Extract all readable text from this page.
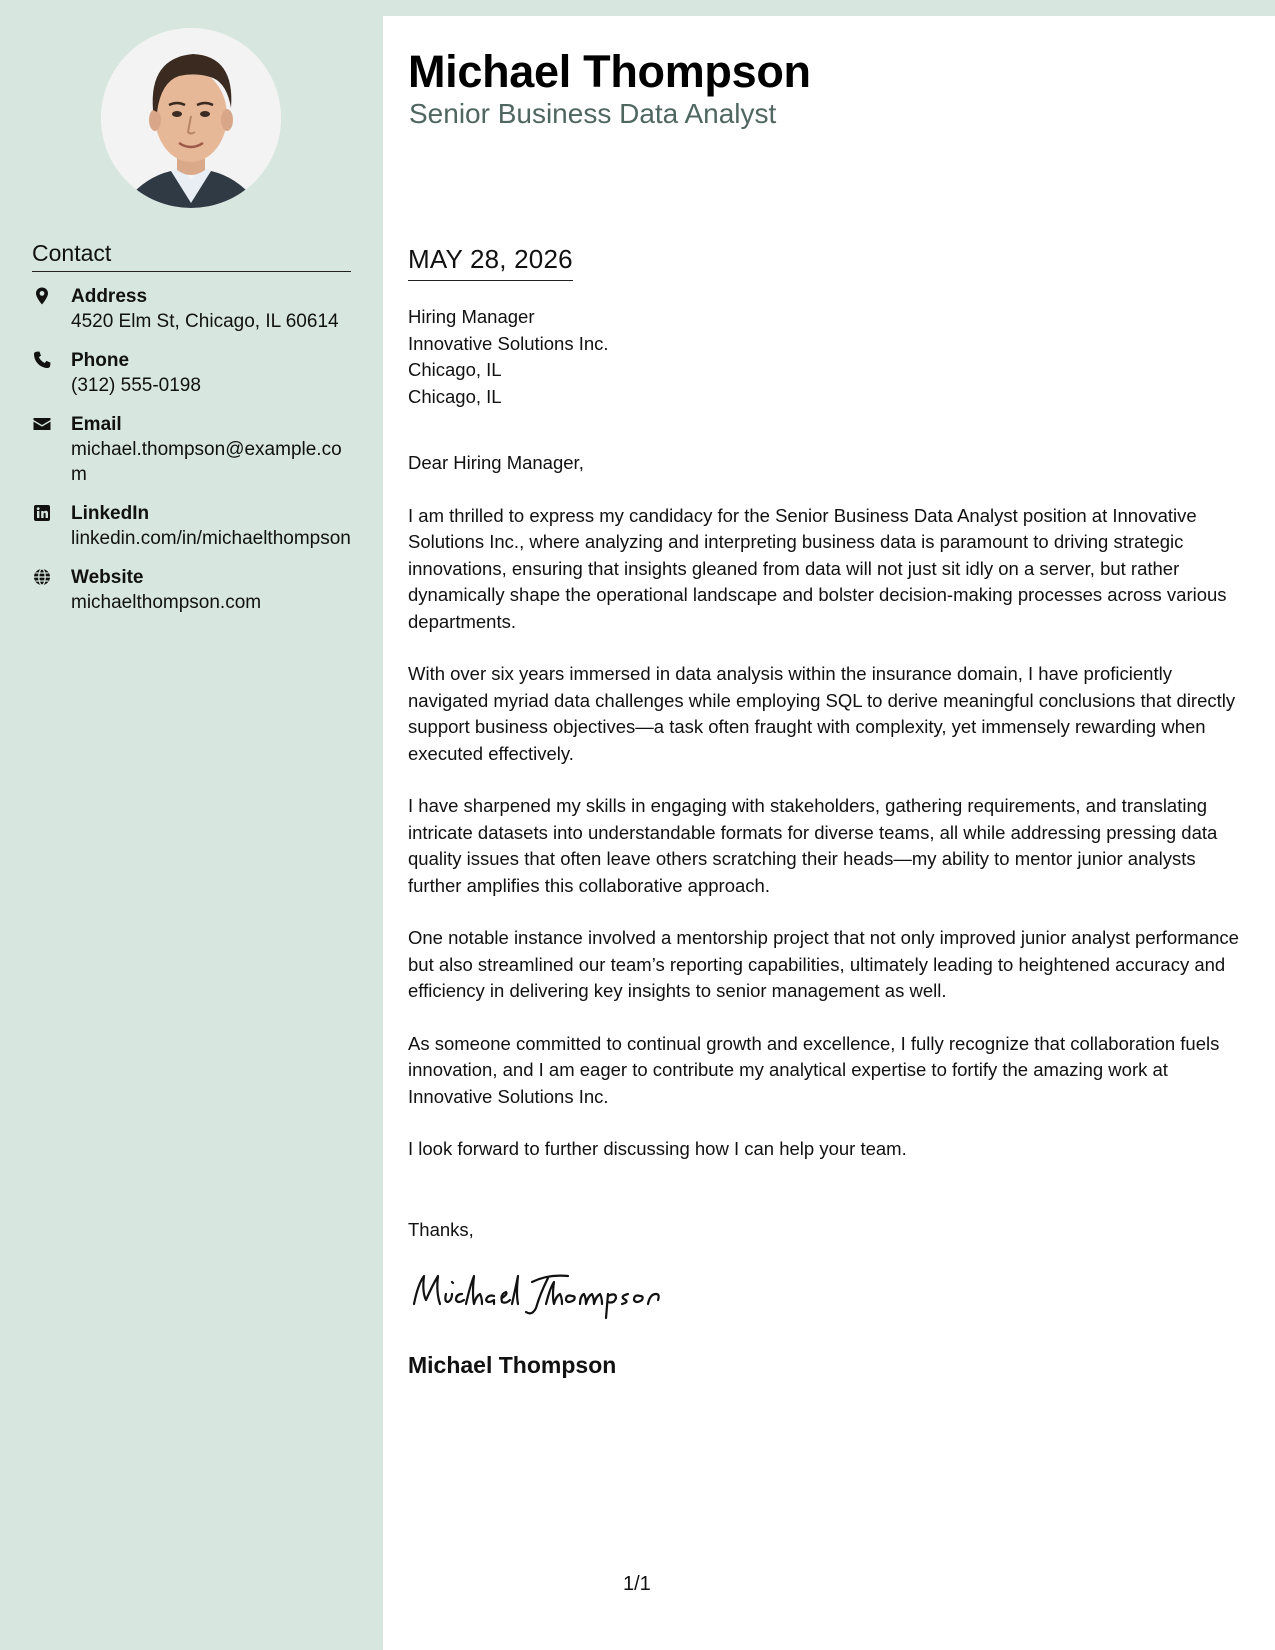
Contact
Address
4520 Elm St, Chicago, IL 60614
Phone
(312) 555-0198
Email
michael.thompson@example.com
LinkedIn
linkedin.com/in/michaelthompson
Website
michaelthompson.com
Michael Thompson
Senior Business Data Analyst
MAY 28, 2026
Hiring Manager
Innovative Solutions Inc.
Chicago, IL
Chicago, IL

Dear Hiring Manager,

I am thrilled to express my candidacy for the Senior Business Data Analyst position at Innovative Solutions Inc., where analyzing and interpreting business data is paramount to driving strategic innovations, ensuring that insights gleaned from data will not just sit idly on a server, but rather dynamically shape the operational landscape and bolster decision-making processes across various departments.

With over six years immersed in data analysis within the insurance domain, I have proficiently navigated myriad data challenges while employing SQL to derive meaningful conclusions that directly support business objectives—a task often fraught with complexity, yet immensely rewarding when executed effectively.

I have sharpened my skills in engaging with stakeholders, gathering requirements, and translating intricate datasets into understandable formats for diverse teams, all while addressing pressing data quality issues that often leave others scratching their heads—my ability to mentor junior analysts further amplifies this collaborative approach.

One notable instance involved a mentorship project that not only improved junior analyst performance but also streamlined our team’s reporting capabilities, ultimately leading to heightened accuracy and efficiency in delivering key insights to senior management as well.

As someone committed to continual growth and excellence, I fully recognize that collaboration fuels innovation, and I am eager to contribute my analytical expertise to fortify the amazing work at Innovative Solutions Inc.

I look forward to further discussing how I can help your team.

Thanks,
Michael Thompson
1/1
